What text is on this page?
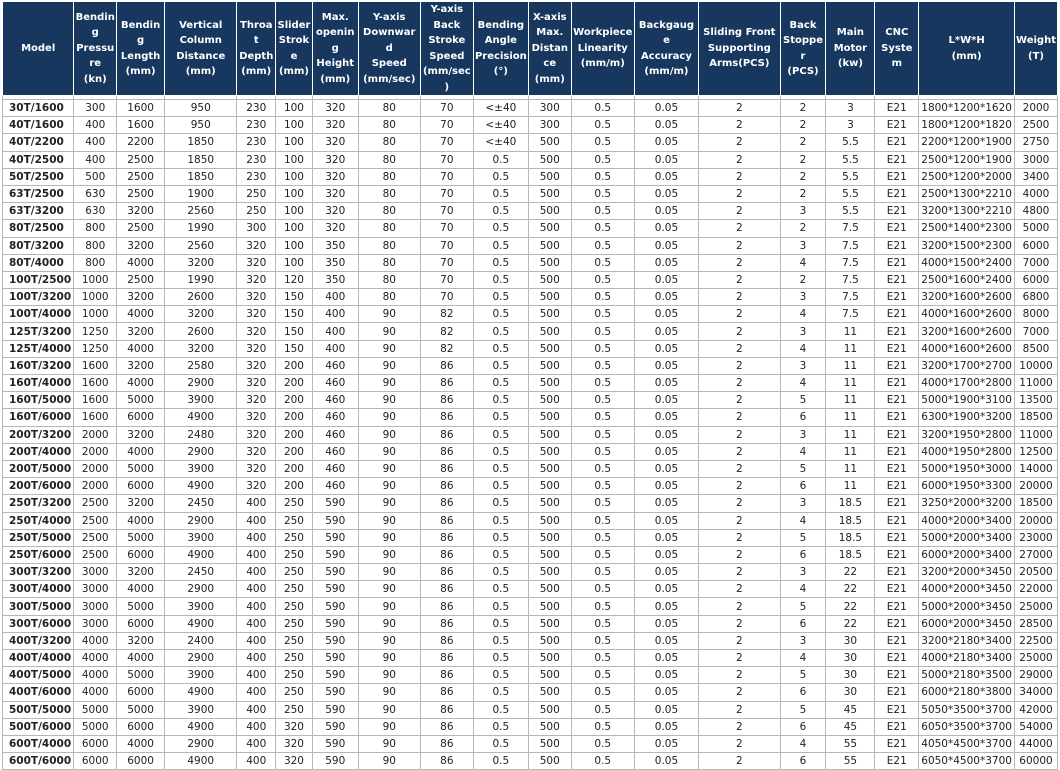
Model	Bending
Pressure
(kn)	Bending
Length
(mm)	Vertical
Column
Distance
(mm)	Throat
Depth
(mm)	Slider
Stroke
(mm)	Max.
opening
Height
(mm)	Y-axis
Downward
Speed
(mm/sec)	Y-axis
Back
Stroke
Speed
(mm/sec)	Bending
Angle
Precision
(°)	X-axis
Max.
Distance
(mm)	Workpiece
Linearity
(mm/m)	Backgauge
Accuracy
(mm/m)	Sliding Front
Supporting
Arms(PCS)	Back
Stopper
(PCS)	Main
Motor
(kw)	CNC
System	L*W*H
(mm)	Weight
(T)

30T/1600	300	1600	950	230	100	320	80	70	<±40	300	0.5	0.05	2	2	3	E21	1800*1200*1620	2000
40T/1600	400	1600	950	230	100	320	80	70	<±40	300	0.5	0.05	2	2	3	E21	1800*1200*1820	2500
40T/2200	400	2200	1850	230	100	320	80	70	<±40	500	0.5	0.05	2	2	5.5	E21	2200*1200*1900	2750
40T/2500	400	2500	1850	230	100	320	80	70	0.5	500	0.5	0.05	2	2	5.5	E21	2500*1200*1900	3000
50T/2500	500	2500	1850	230	100	320	80	70	0.5	500	0.5	0.05	2	2	5.5	E21	2500*1200*2000	3400
63T/2500	630	2500	1900	250	100	320	80	70	0.5	500	0.5	0.05	2	2	5.5	E21	2500*1300*2210	4000
63T/3200	630	3200	2560	250	100	320	80	70	0.5	500	0.5	0.05	2	3	5.5	E21	3200*1300*2210	4800
80T/2500	800	2500	1990	300	100	320	80	70	0.5	500	0.5	0.05	2	2	7.5	E21	2500*1400*2300	5000
80T/3200	800	3200	2560	320	100	350	80	70	0.5	500	0.5	0.05	2	3	7.5	E21	3200*1500*2300	6000
80T/4000	800	4000	3200	320	100	350	80	70	0.5	500	0.5	0.05	2	4	7.5	E21	4000*1500*2400	7000
100T/2500	1000	2500	1990	320	120	350	80	70	0.5	500	0.5	0.05	2	2	7.5	E21	2500*1600*2400	6000
100T/3200	1000	3200	2600	320	150	400	80	70	0.5	500	0.5	0.05	2	3	7.5	E21	3200*1600*2600	6800
100T/4000	1000	4000	3200	320	150	400	90	82	0.5	500	0.5	0.05	2	4	7.5	E21	4000*1600*2600	8000
125T/3200	1250	3200	2600	320	150	400	90	82	0.5	500	0.5	0.05	2	3	11	E21	3200*1600*2600	7000
125T/4000	1250	4000	3200	320	150	400	90	82	0.5	500	0.5	0.05	2	4	11	E21	4000*1600*2600	8500
160T/3200	1600	3200	2580	320	200	460	90	86	0.5	500	0.5	0.05	2	3	11	E21	3200*1700*2700	10000
160T/4000	1600	4000	2900	320	200	460	90	86	0.5	500	0.5	0.05	2	4	11	E21	4000*1700*2800	11000
160T/5000	1600	5000	3900	320	200	460	90	86	0.5	500	0.5	0.05	2	5	11	E21	5000*1900*3100	13500
160T/6000	1600	6000	4900	320	200	460	90	86	0.5	500	0.5	0.05	2	6	11	E21	6300*1900*3200	18500
200T/3200	2000	3200	2480	320	200	460	90	86	0.5	500	0.5	0.05	2	3	11	E21	3200*1950*2800	11000
200T/4000	2000	4000	2900	320	200	460	90	86	0.5	500	0.5	0.05	2	4	11	E21	4000*1950*2800	12500
200T/5000	2000	5000	3900	320	200	460	90	86	0.5	500	0.5	0.05	2	5	11	E21	5000*1950*3000	14000
200T/6000	2000	6000	4900	320	200	460	90	86	0.5	500	0.5	0.05	2	6	11	E21	6000*1950*3300	20000
250T/3200	2500	3200	2450	400	250	590	90	86	0.5	500	0.5	0.05	2	3	18.5	E21	3250*2000*3200	18500
250T/4000	2500	4000	2900	400	250	590	90	86	0.5	500	0.5	0.05	2	4	18.5	E21	4000*2000*3400	20000
250T/5000	2500	5000	3900	400	250	590	90	86	0.5	500	0.5	0.05	2	5	18.5	E21	5000*2000*3400	23000
250T/6000	2500	6000	4900	400	250	590	90	86	0.5	500	0.5	0.05	2	6	18.5	E21	6000*2000*3400	27000
300T/3200	3000	3200	2450	400	250	590	90	86	0.5	500	0.5	0.05	2	3	22	E21	3200*2000*3450	20500
300T/4000	3000	4000	2900	400	250	590	90	86	0.5	500	0.5	0.05	2	4	22	E21	4000*2000*3450	22000
300T/5000	3000	5000	3900	400	250	590	90	86	0.5	500	0.5	0.05	2	5	22	E21	5000*2000*3450	25000
300T/6000	3000	6000	4900	400	250	590	90	86	0.5	500	0.5	0.05	2	6	22	E21	6000*2000*3450	28500
400T/3200	4000	3200	2400	400	250	590	90	86	0.5	500	0.5	0.05	2	3	30	E21	3200*2180*3400	22500
400T/4000	4000	4000	2900	400	250	590	90	86	0.5	500	0.5	0.05	2	4	30	E21	4000*2180*3400	25000
400T/5000	4000	5000	3900	400	250	590	90	86	0.5	500	0.5	0.05	2	5	30	E21	5000*2180*3500	29000
400T/6000	4000	6000	4900	400	250	590	90	86	0.5	500	0.5	0.05	2	6	30	E21	6000*2180*3800	34000
500T/5000	5000	5000	3900	400	250	590	90	86	0.5	500	0.5	0.05	2	5	45	E21	5050*3500*3700	42000
500T/6000	5000	6000	4900	400	320	590	90	86	0.5	500	0.5	0.05	2	6	45	E21	6050*3500*3700	54000
600T/4000	6000	4000	2900	400	320	590	90	86	0.5	500	0.5	0.05	2	4	55	E21	4050*4500*3700	44000
600T/6000	6000	6000	4900	400	320	590	90	86	0.5	500	0.5	0.05	2	6	55	E21	6050*4500*3700	60000
